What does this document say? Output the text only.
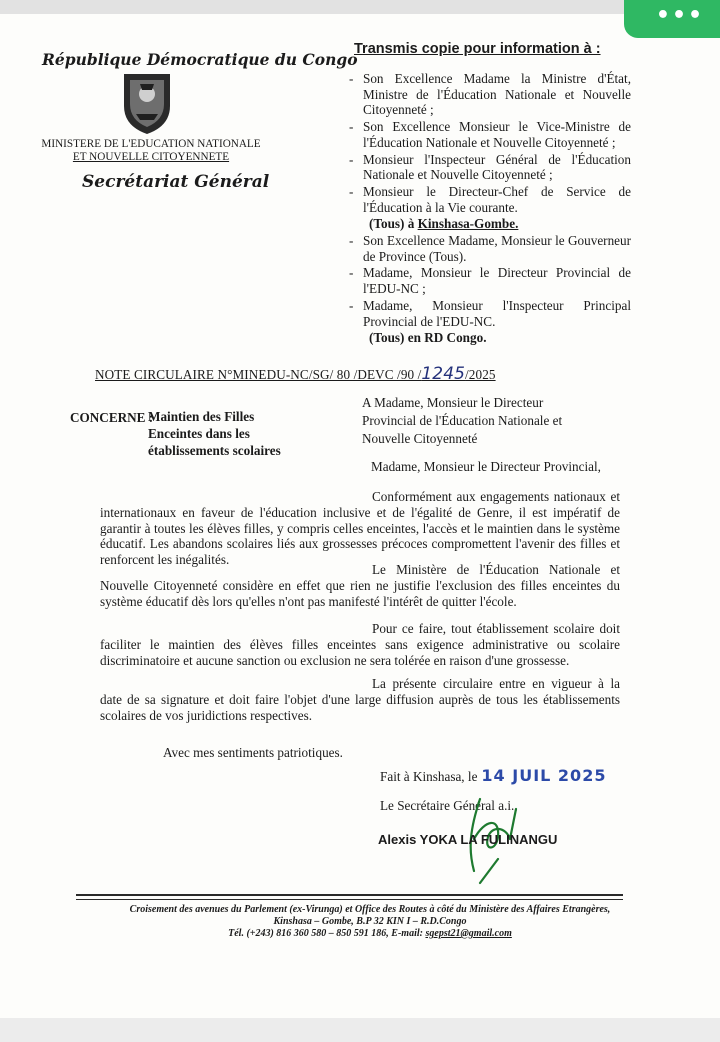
République Démocratique du Congo
MINISTERE DE L'EDUCATION NATIONALE
ET NOUVELLE CITOYENNETE
Secrétariat Général
Transmis copie pour information à :
- Son Excellence Madame la Ministre d'État, Ministre de l'Éducation Nationale et Nouvelle Citoyenneté ;
- Son Excellence Monsieur le Vice-Ministre de l'Éducation Nationale et Nouvelle Citoyenneté ;
- Monsieur l'Inspecteur Général de l'Éducation Nationale et Nouvelle Citoyenneté ;
- Monsieur le Directeur-Chef de Service de l'Éducation à la Vie courante.
(Tous) à Kinshasa-Gombe.
- Son Excellence Madame, Monsieur le Gouverneur de Province (Tous).
- Madame, Monsieur le Directeur Provincial de l'EDU-NC ;
- Madame, Monsieur l'Inspecteur Principal Provincial de l'EDU-NC.
(Tous) en RD Congo.
NOTE CIRCULAIRE N°MINEDU-NC/SG/ 80 /DEVC /90 /1245/2025
CONCERNE :
Maintien des Filles Enceintes dans les établissements scolaires
A Madame, Monsieur le Directeur Provincial de l'Éducation Nationale et Nouvelle Citoyenneté
Madame, Monsieur le Directeur Provincial,
Conformément aux engagements nationaux et internationaux en faveur de l'éducation inclusive et de l'égalité de Genre, il est impératif de garantir à toutes les élèves filles, y compris celles enceintes, l'accès et le maintien dans le système éducatif. Les abandons scolaires liés aux grossesses précoces compromettent l'avenir des filles et renforcent les inégalités.
Le Ministère de l'Éducation Nationale et Nouvelle Citoyenneté considère en effet que rien ne justifie l'exclusion des filles enceintes du système éducatif dès lors qu'elles n'ont pas manifesté l'intérêt de quitter l'école.
Pour ce faire, tout établissement scolaire doit faciliter le maintien des élèves filles enceintes sans exigence administrative ou scolaire discriminatoire et aucune sanction ou exclusion ne sera tolérée en raison d'une grossesse.
La présente circulaire entre en vigueur à la date de sa signature et doit faire l'objet d'une large diffusion auprès de tous les établissements scolaires de vos juridictions respectives.
Avec mes sentiments patriotiques.
Fait à Kinshasa, le 14 JUIL 2025
Le Secrétaire Général a.i.,
Alexis YOKA LA FULINANGU
Croisement des avenues du Parlement (ex-Virunga) et Office des Routes à côté du Ministère des Affaires Etrangères,
Kinshasa – Gombe, B.P 32 KIN I – R.D.Congo
Tél. (+243) 816 360 580 – 850 591 186, E-mail: sgepst21@gmail.com
•••
